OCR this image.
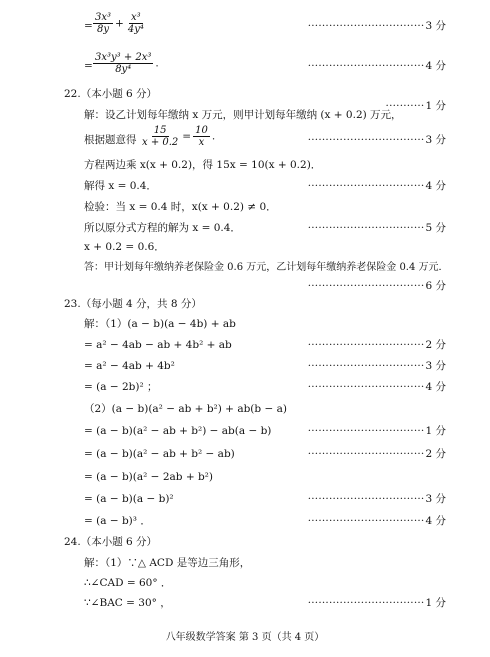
= $\frac{\text{3x³}}{8y} + \frac{\text{x³}}{\text{4y⁴}}$	································· 3 分
= $\frac{\text{3x³y³ + 2x³}}{\text{8y⁴}}$ .	································· 4 分
22.（本小题 6 分）
解：设乙计划每年缴纳 x 万元，则甲计划每年缴纳 (x + 0.2) 万元，
··········· 1 分
根据题意得 $\frac{15}{x + 0.2} = \frac{10}{x}$ .	································· 3 分
方程两边乘 x(x + 0.2)，得 15x = 10(x + 0.2)．
解得 x = 0.4．	································· 4 分
检验：当 x = 0.4 时，x(x + 0.2) ≠ 0．
所以原分式方程的解为 x = 0.4．	································· 5 分
x + 0.2 = 0.6．
答：甲计划每年缴纳养老保险金 0.6 万元，乙计划每年缴纳养老保险金 0.4 万元．
································· 6 分
23.（每小题 4 分，共 8 分）
解：（1）(a − b)(a − 4b) + ab
= a² − 4ab − ab + 4b² + ab	································· 2 分
= a² − 4ab + 4b²	································· 3 分
= (a − 2b)² ；	································· 4 分
（2）(a − b)(a² − ab + b²) + ab(b − a)
= (a − b)(a² − ab + b²) − ab(a − b)	································· 1 分
= (a − b)(a² − ab + b² − ab)	································· 2 分
= (a − b)(a² − 2ab + b²)
= (a − b)(a − b)²	································· 3 分
= (a − b)³ ．	································· 4 分
24.（本小题 6 分）
解：（1）∵△ ACD 是等边三角形，
∴∠CAD = 60° ．
∵∠BAC = 30° ，	································· 1 分
八年级数学答案 第 3 页（共 4 页）
